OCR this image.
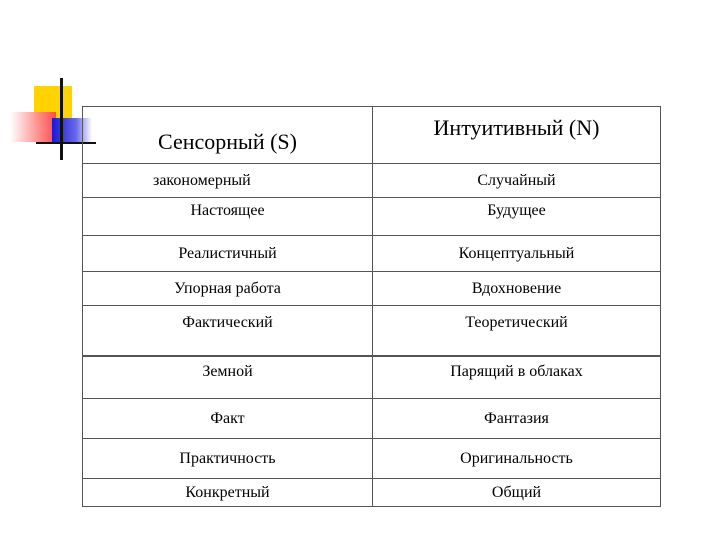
Сенсорный (S)	Интуитивный (N)
закономерный	Случайный
Настоящее	Будущее
Реалистичный	Концептуальный
Упорная работа	Вдохновение
Фактический	Теоретический
Земной	Парящий в облаках
Факт	Фантазия
Практичность	Оригинальность
Конкретный	Общий
